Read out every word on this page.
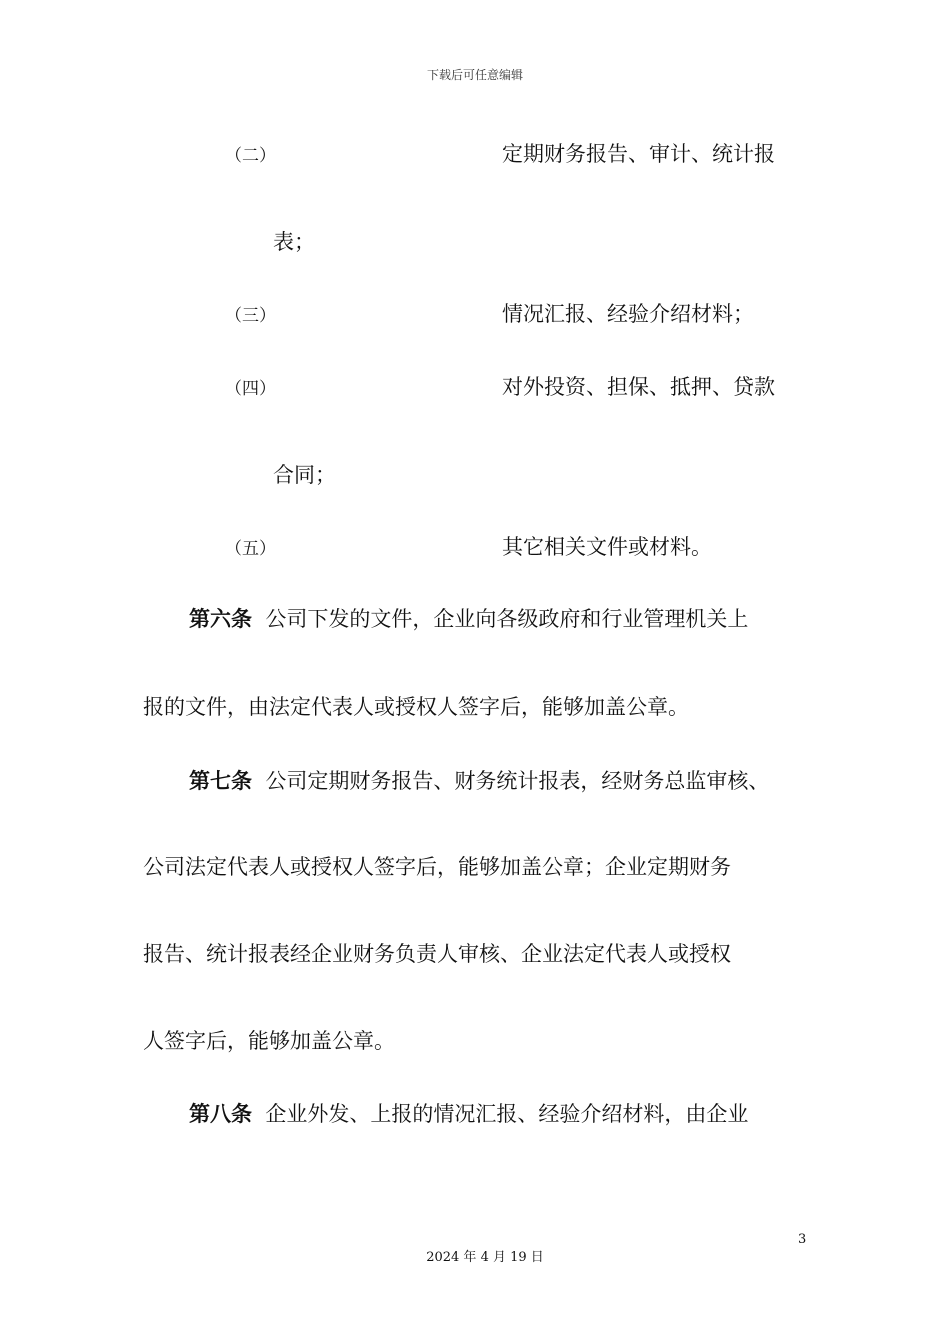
下载后可任意编辑
（二）	定期财务报告、审计、统计报
表；
（三）	情况汇报、经验介绍材料；
（四）	对外投资、担保、抵押、贷款
合同；
（五）	其它相关文件或材料。
第六条 公司下发的文件，企业向各级政府和行业管理机关上
报的文件，由法定代表人或授权人签字后，能够加盖公章。
第七条 公司定期财务报告、财务统计报表，经财务总监审核、
公司法定代表人或授权人签字后，能够加盖公章；企业定期财务
报告、统计报表经企业财务负责人审核、企业法定代表人或授权
人签字后，能够加盖公章。
第八条 企业外发、上报的情况汇报、经验介绍材料，由企业
3
2024 年 4 月 19 日
